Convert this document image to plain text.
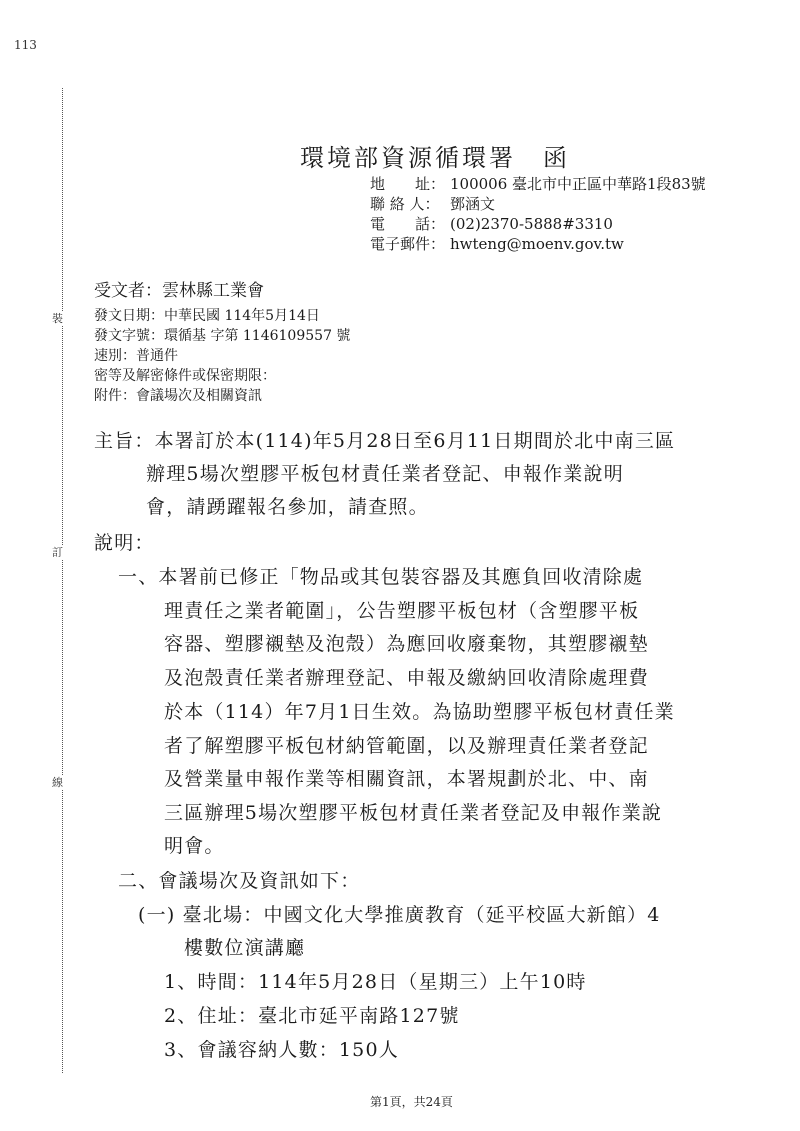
113
裝
訂
線
環境部資源循環署　函
地　　址： 100006 臺北市中正區中華路1段83號
聯 絡 人： 鄧涵文
電　　話： (02)2370-5888#3310
電子郵件： hwteng@moenv.gov.tw
受文者：雲林縣工業會
發文日期：中華民國 114年5月14日
發文字號：環循基 字第 1146109557 號
速別：普通件
密等及解密條件或保密期限：
附件：會議場次及相關資訊
主旨：本署訂於本(114)年5月28日至6月11日期間於北中南三區
辦理5場次塑膠平板包材責任業者登記、申報作業說明
會，請踴躍報名參加，請查照。
說明：
一、本署前已修正「物品或其包裝容器及其應負回收清除處
理責任之業者範圍」，公告塑膠平板包材（含塑膠平板
容器、塑膠襯墊及泡殼）為應回收廢棄物，其塑膠襯墊
及泡殼責任業者辦理登記、申報及繳納回收清除處理費
於本（114）年7月1日生效。為協助塑膠平板包材責任業
者了解塑膠平板包材納管範圍，以及辦理責任業者登記
及營業量申報作業等相關資訊，本署規劃於北、中、南
三區辦理5場次塑膠平板包材責任業者登記及申報作業說
明會。
二、會議場次及資訊如下：
(一) 臺北場：中國文化大學推廣教育（延平校區大新館）4
樓數位演講廳
1、時間：114年5月28日（星期三）上午10時
2、住址：臺北市延平南路127號
3、會議容納人數：150人
第1頁，共24頁
